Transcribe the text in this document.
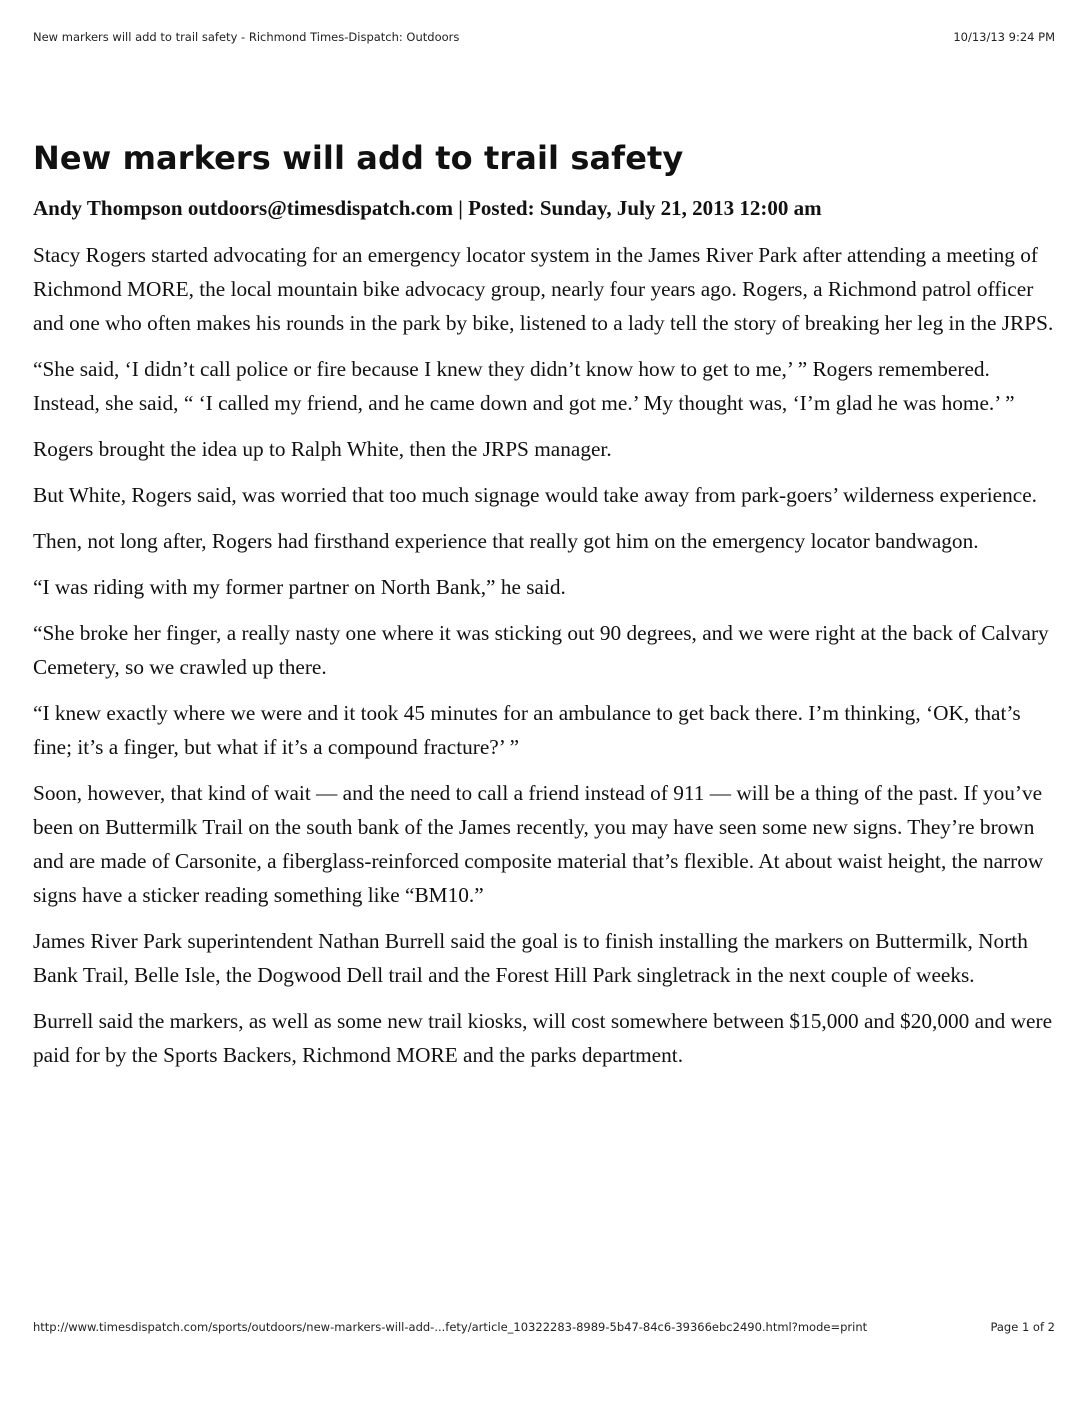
New markers will add to trail safety - Richmond Times-Dispatch: Outdoors	10/13/13 9:24 PM
New markers will add to trail safety

Andy Thompson outdoors@timesdispatch.com | Posted: Sunday, July 21, 2013 12:00 am

Stacy Rogers started advocating for an emergency locator system in the James River Park after attending a meeting of Richmond MORE, the local mountain bike advocacy group, nearly four years ago. Rogers, a Richmond patrol officer and one who often makes his rounds in the park by bike, listened to a lady tell the story of breaking her leg in the JRPS.

“She said, ‘I didn’t call police or fire because I knew they didn’t know how to get to me,’ ” Rogers remembered. Instead, she said, “ ‘I called my friend, and he came down and got me.’ My thought was, ‘I’m glad he was home.’ ”

Rogers brought the idea up to Ralph White, then the JRPS manager.

But White, Rogers said, was worried that too much signage would take away from park-goers’ wilderness experience.

Then, not long after, Rogers had firsthand experience that really got him on the emergency locator bandwagon.

“I was riding with my former partner on North Bank,” he said.

“She broke her finger, a really nasty one where it was sticking out 90 degrees, and we were right at the back of Calvary Cemetery, so we crawled up there.

“I knew exactly where we were and it took 45 minutes for an ambulance to get back there. I’m thinking, ‘OK, that’s fine; it’s a finger, but what if it’s a compound fracture?’ ”

Soon, however, that kind of wait — and the need to call a friend instead of 911 — will be a thing of the past. If you’ve been on Buttermilk Trail on the south bank of the James recently, you may have seen some new signs. They’re brown and are made of Carsonite, a fiberglass-reinforced composite material that’s flexible. At about waist height, the narrow signs have a sticker reading something like “BM10.”

James River Park superintendent Nathan Burrell said the goal is to finish installing the markers on Buttermilk, North Bank Trail, Belle Isle, the Dogwood Dell trail and the Forest Hill Park singletrack in the next couple of weeks.

Burrell said the markers, as well as some new trail kiosks, will cost somewhere between $15,000 and $20,000 and were paid for by the Sports Backers, Richmond MORE and the parks department.

http://www.timesdispatch.com/sports/outdoors/new-markers-will-add-...fety/article_10322283-8989-5b47-84c6-39366ebc2490.html?mode=print	Page 1 of 2
